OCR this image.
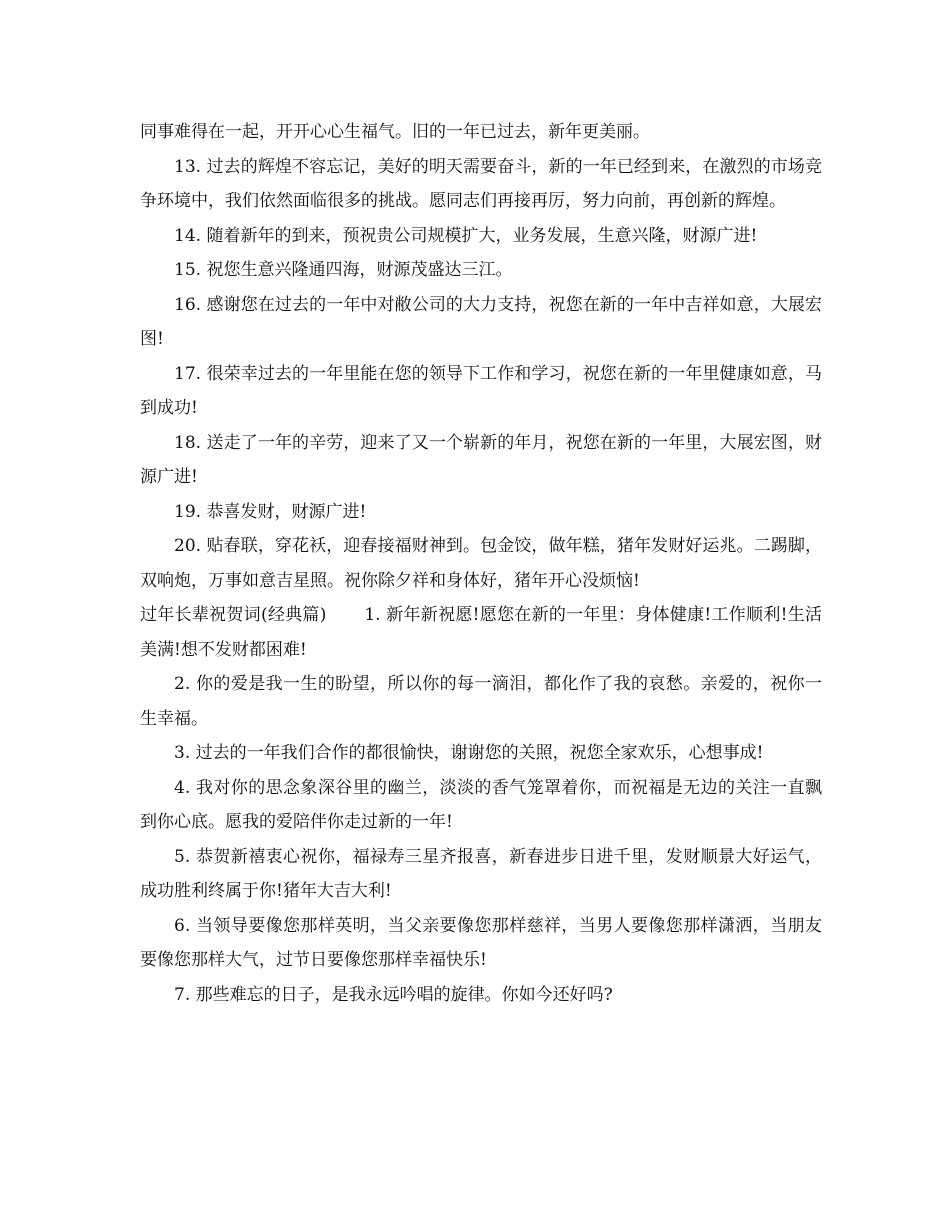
同事难得在一起，开开心心生福气。旧的一年已过去，新年更美丽。

13. 过去的辉煌不容忘记，美好的明天需要奋斗，新的一年已经到来，在激烈的市场竞争环境中，我们依然面临很多的挑战。愿同志们再接再厉，努力向前，再创新的辉煌。

14. 随着新年的到来，预祝贵公司规模扩大，业务发展，生意兴隆，财源广进!

15. 祝您生意兴隆通四海，财源茂盛达三江。

16. 感谢您在过去的一年中对敝公司的大力支持，祝您在新的一年中吉祥如意，大展宏图!

17. 很荣幸过去的一年里能在您的领导下工作和学习，祝您在新的一年里健康如意，马到成功!

18. 送走了一年的辛劳，迎来了又一个崭新的年月，祝您在新的一年里，大展宏图，财源广进!

19. 恭喜发财，财源广进!

20. 贴春联，穿花袄，迎春接福财神到。包金饺，做年糕，猪年发财好运兆。二踢脚，双响炮，万事如意吉星照。祝你除夕祥和身体好，猪年开心没烦恼!

过年长辈祝贺词(经典篇) 1. 新年新祝愿!愿您在新的一年里：身体健康!工作顺利!生活美满!想不发财都困难!

2. 你的爱是我一生的盼望，所以你的每一滴泪，都化作了我的哀愁。亲爱的，祝你一生幸福。

3. 过去的一年我们合作的都很愉快，谢谢您的关照，祝您全家欢乐，心想事成!

4. 我对你的思念象深谷里的幽兰，淡淡的香气笼罩着你，而祝福是无边的关注一直飘到你心底。愿我的爱陪伴你走过新的一年!

5. 恭贺新禧衷心祝你，福禄寿三星齐报喜，新春进步日进千里，发财顺景大好运气，成功胜利终属于你!猪年大吉大利!

6. 当领导要像您那样英明，当父亲要像您那样慈祥，当男人要像您那样潇洒，当朋友要像您那样大气，过节日要像您那样幸福快乐!

7. 那些难忘的日子，是我永远吟唱的旋律。你如今还好吗?
